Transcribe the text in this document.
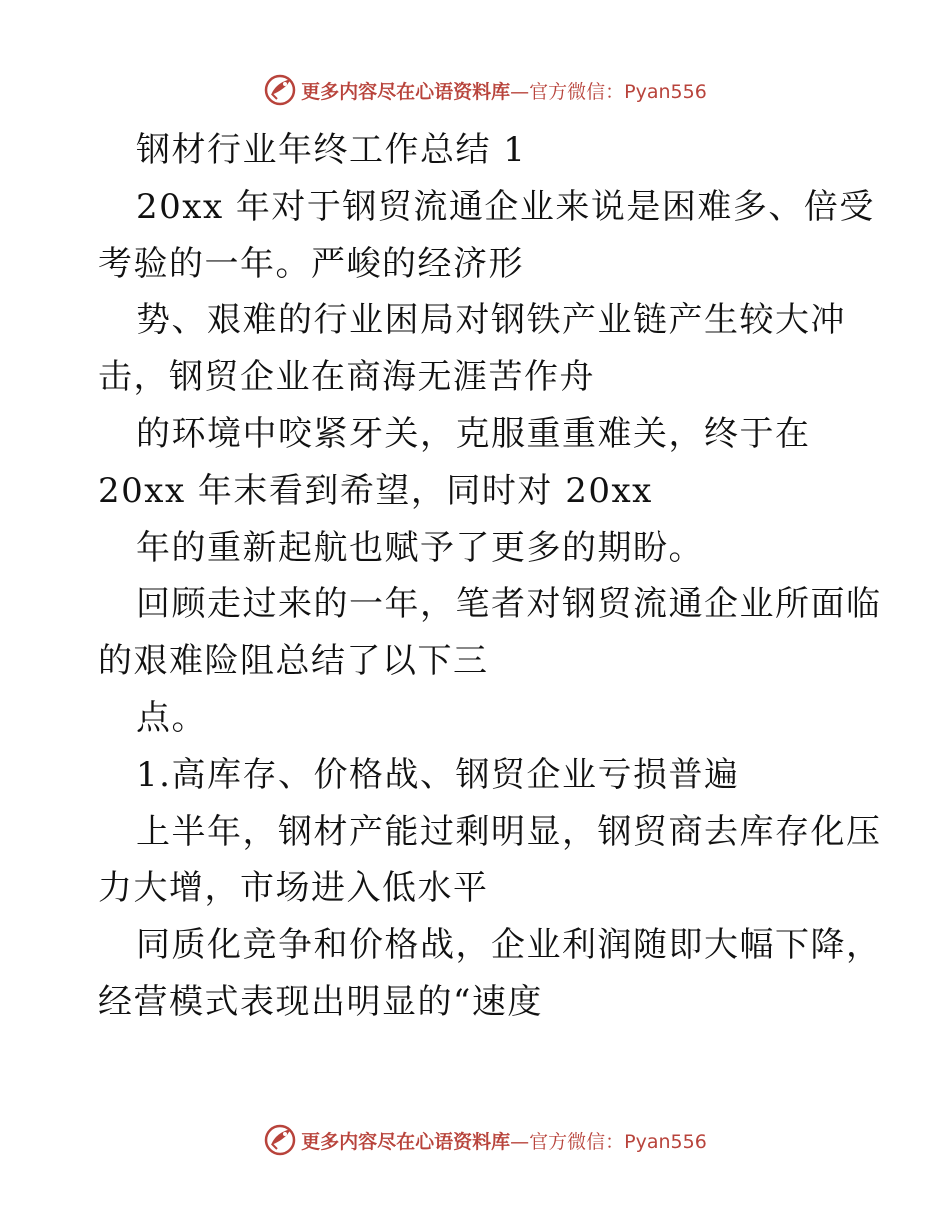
更多内容尽在心语资料库—官方微信：Pyan556
钢材行业年终工作总结 1
20xx 年对于钢贸流通企业来说是困难多、倍受
考验的一年。严峻的经济形
势、艰难的行业困局对钢铁产业链产生较大冲
击，钢贸企业在商海无涯苦作舟
的环境中咬紧牙关，克服重重难关，终于在
20xx 年末看到希望，同时对 20xx
年的重新起航也赋予了更多的期盼。
回顾走过来的一年，笔者对钢贸流通企业所面临
的艰难险阻总结了以下三
点。
1.高库存、价格战、钢贸企业亏损普遍
上半年，钢材产能过剩明显，钢贸商去库存化压
力大增，市场进入低水平
同质化竞争和价格战，企业利润随即大幅下降，
经营模式表现出明显的“速度
更多内容尽在心语资料库—官方微信：Pyan556
